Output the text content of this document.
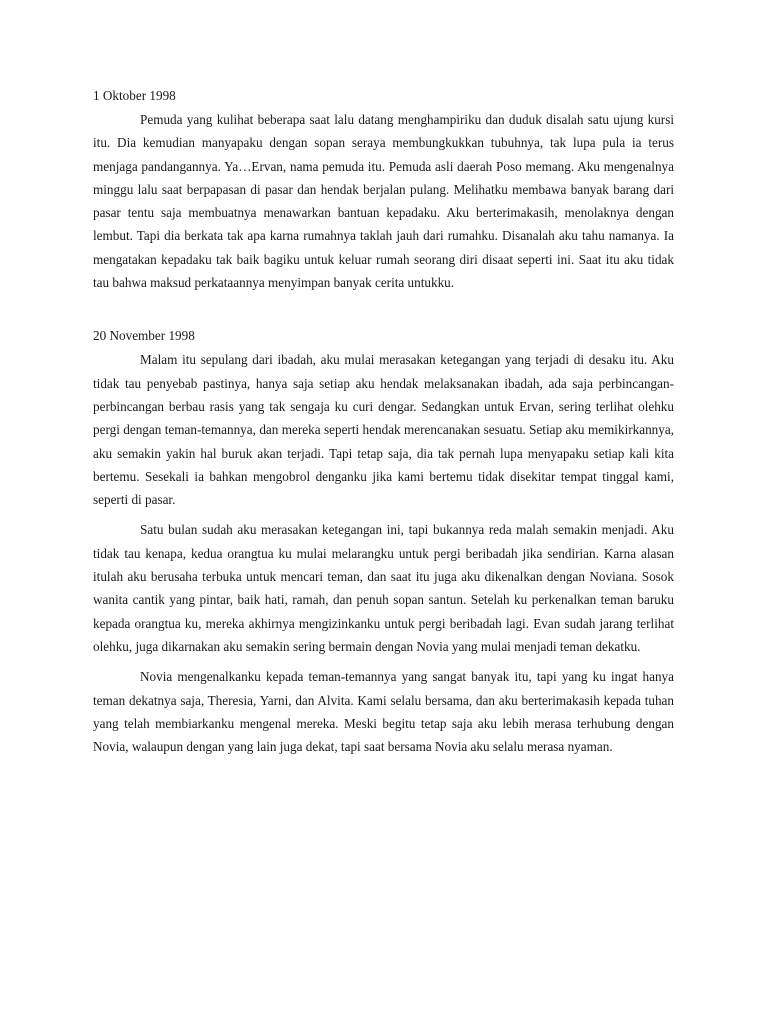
1 Oktober 1998

Pemuda yang kulihat beberapa saat lalu datang menghampiriku dan duduk disalah satu ujung kursi itu. Dia kemudian manyapaku dengan sopan seraya membungkukkan tubuhnya, tak lupa pula ia terus menjaga pandangannya. Ya…Ervan, nama pemuda itu. Pemuda asli daerah Poso memang. Aku mengenalnya minggu lalu saat berpapasan di pasar dan hendak berjalan pulang. Melihatku membawa banyak barang dari pasar tentu saja membuatnya menawarkan bantuan kepadaku. Aku berterimakasih, menolaknya dengan lembut. Tapi dia berkata tak apa karna rumahnya taklah jauh dari rumahku. Disanalah aku tahu namanya. Ia mengatakan kepadaku tak baik bagiku untuk keluar rumah seorang diri disaat seperti ini. Saat itu aku tidak tau bahwa maksud perkataannya menyimpan banyak cerita untukku.

20 November 1998

Malam itu sepulang dari ibadah, aku mulai merasakan ketegangan yang terjadi di desaku itu. Aku tidak tau penyebab pastinya, hanya saja setiap aku hendak melaksanakan ibadah, ada saja perbincangan-perbincangan berbau rasis yang tak sengaja ku curi dengar. Sedangkan untuk Ervan, sering terlihat olehku pergi dengan teman-temannya, dan mereka seperti hendak merencanakan sesuatu. Setiap aku memikirkannya, aku semakin yakin hal buruk akan terjadi. Tapi tetap saja, dia tak pernah lupa menyapaku setiap kali kita bertemu. Sesekali ia bahkan mengobrol denganku jika kami bertemu tidak disekitar tempat tinggal kami, seperti di pasar.

Satu bulan sudah aku merasakan ketegangan ini, tapi bukannya reda malah semakin menjadi. Aku tidak tau kenapa, kedua orangtua ku mulai melarangku untuk pergi beribadah jika sendirian. Karna alasan itulah aku berusaha terbuka untuk mencari teman, dan saat itu juga aku dikenalkan dengan Noviana. Sosok wanita cantik yang pintar, baik hati, ramah, dan penuh sopan santun. Setelah ku perkenalkan teman baruku kepada orangtua ku, mereka akhirnya mengizinkanku untuk pergi beribadah lagi. Evan sudah jarang terlihat olehku, juga dikarnakan aku semakin sering bermain dengan Novia yang mulai menjadi teman dekatku.

Novia mengenalkanku kepada teman-temannya yang sangat banyak itu, tapi yang ku ingat hanya teman dekatnya saja, Theresia, Yarni, dan Alvita. Kami selalu bersama, dan aku berterimakasih kepada tuhan yang telah membiarkanku mengenal mereka. Meski begitu tetap saja aku lebih merasa terhubung dengan Novia, walaupun dengan yang lain juga dekat, tapi saat bersama Novia aku selalu merasa nyaman.
